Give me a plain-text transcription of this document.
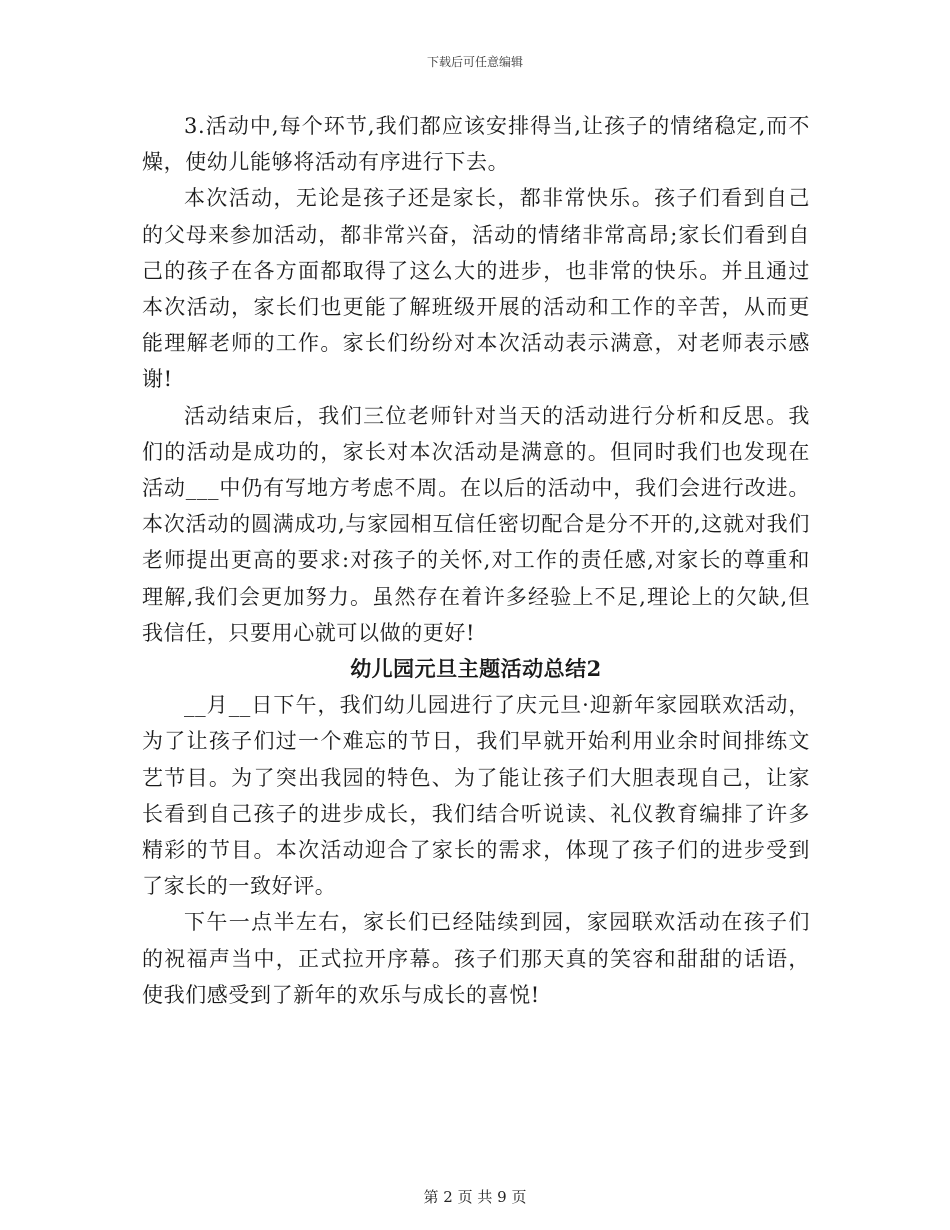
下载后可任意编辑

3.活动中,每个环节,我们都应该安排得当,让孩子的情绪稳定,而不燥，使幼儿能够将活动有序进行下去。

本次活动，无论是孩子还是家长，都非常快乐。孩子们看到自己的父母来参加活动，都非常兴奋，活动的情绪非常高昂;家长们看到自己的孩子在各方面都取得了这么大的进步，也非常的快乐。并且通过本次活动，家长们也更能了解班级开展的活动和工作的辛苦，从而更能理解老师的工作。家长们纷纷对本次活动表示满意，对老师表示感谢!

活动结束后，我们三位老师针对当天的活动进行分析和反思。我们的活动是成功的，家长对本次活动是满意的。但同时我们也发现在活动___中仍有写地方考虑不周。在以后的活动中，我们会进行改进。本次活动的圆满成功,与家园相互信任密切配合是分不开的,这就对我们老师提出更高的要求:对孩子的关怀,对工作的责任感,对家长的尊重和理解,我们会更加努力。虽然存在着许多经验上不足,理论上的欠缺,但我信任，只要用心就可以做的更好!

幼儿园元旦主题活动总结2

__月__日下午，我们幼儿园进行了庆元旦·迎新年家园联欢活动，为了让孩子们过一个难忘的节日，我们早就开始利用业余时间排练文艺节目。为了突出我园的特色、为了能让孩子们大胆表现自己，让家长看到自己孩子的进步成长，我们结合听说读、礼仪教育编排了许多精彩的节目。本次活动迎合了家长的需求，体现了孩子们的进步受到了家长的一致好评。

下午一点半左右，家长们已经陆续到园，家园联欢活动在孩子们的祝福声当中，正式拉开序幕。孩子们那天真的笑容和甜甜的话语，使我们感受到了新年的欢乐与成长的喜悦!

第 2 页 共 9 页
